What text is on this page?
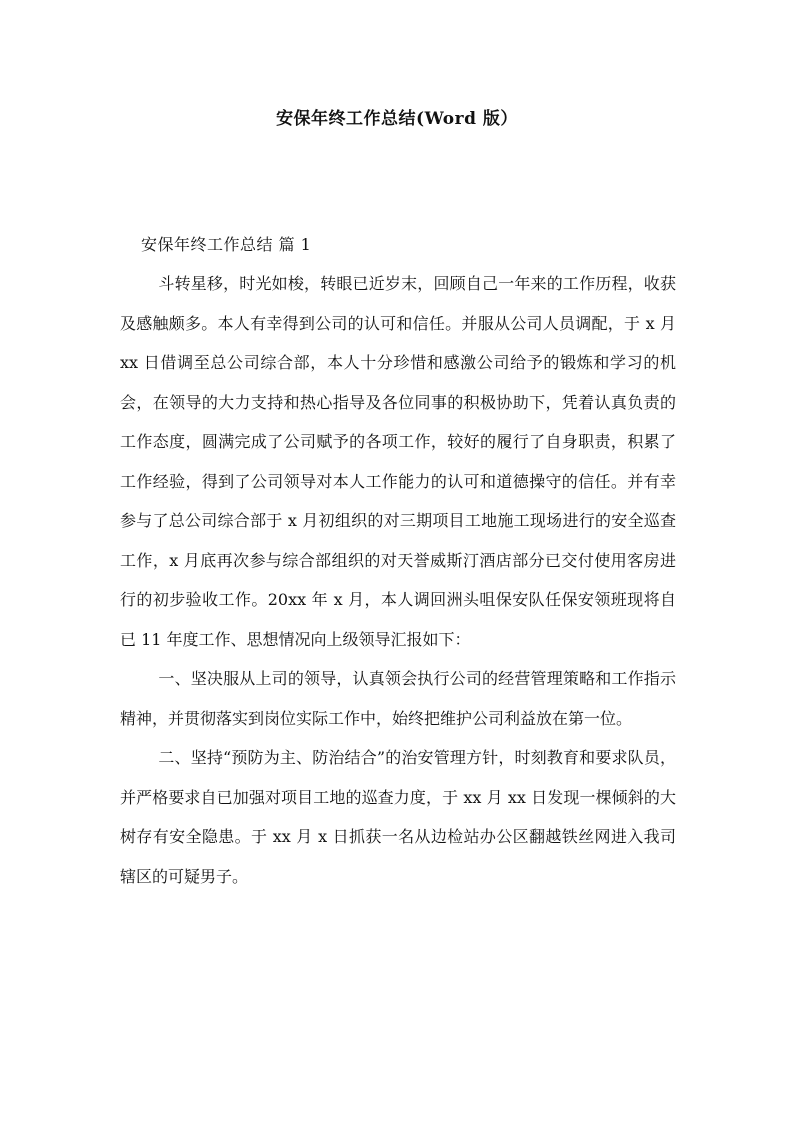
安保年终工作总结(Word 版）
安保年终工作总结 篇 1

斗转星移，时光如梭，转眼已近岁末，回顾自己一年来的工作历程，收获及感触颇多。本人有幸得到公司的认可和信任。并服从公司人员调配，于 x 月 xx 日借调至总公司综合部，本人十分珍惜和感激公司给予的锻炼和学习的机会，在领导的大力支持和热心指导及各位同事的积极协助下，凭着认真负责的工作态度，圆满完成了公司赋予的各项工作，较好的履行了自身职责，积累了工作经验，得到了公司领导对本人工作能力的认可和道德操守的信任。并有幸参与了总公司综合部于 x 月初组织的对三期项目工地施工现场进行的安全巡查工作，x 月底再次参与综合部组织的对天誉威斯汀酒店部分已交付使用客房进行的初步验收工作。20xx 年 x 月，本人调回洲头咀保安队任保安领班现将自已 11 年度工作、思想情况向上级领导汇报如下：

一、坚决服从上司的领导，认真领会执行公司的经营管理策略和工作指示精神，并贯彻落实到岗位实际工作中，始终把维护公司利益放在第一位。

二、坚持“预防为主、防治结合”的治安管理方针，时刻教育和要求队员，并严格要求自已加强对项目工地的巡查力度，于 xx 月 xx 日发现一棵倾斜的大树存有安全隐患。于 xx 月 x 日抓获一名从边检站办公区翻越铁丝网进入我司辖区的可疑男子。
